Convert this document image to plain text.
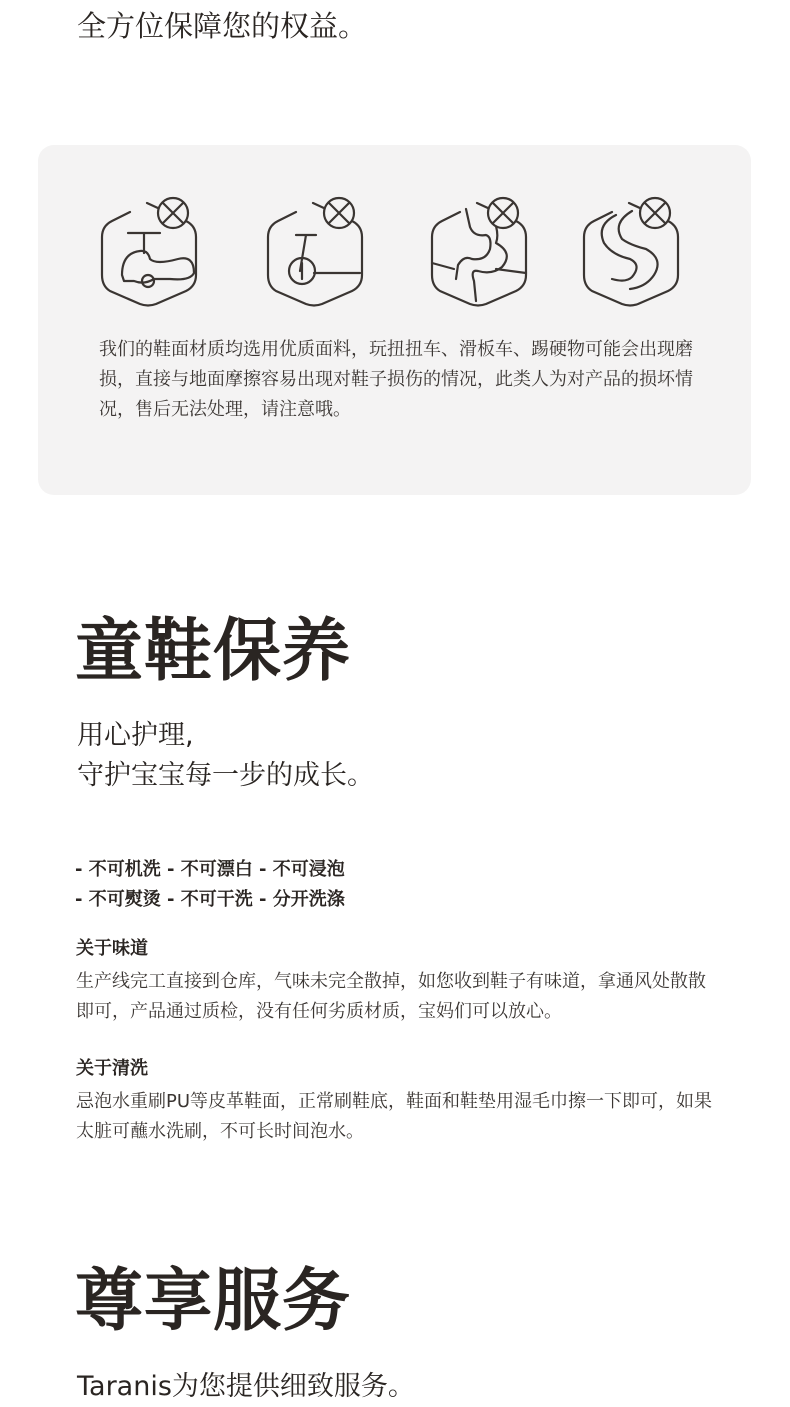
全方位保障您的权益。
我们的鞋面材质均选用优质面料，玩扭扭车、滑板车、踢硬物可能会出现磨损，直接与地面摩擦容易出现对鞋子损伤的情况，此类人为对产品的损坏情况，售后无法处理，请注意哦。
童鞋保养
用心护理,
守护宝宝每一步的成长。
- 不可机洗 - 不可漂白 - 不可浸泡
- 不可熨烫 - 不可干洗 - 分开洗涤
关于味道
生产线完工直接到仓库，气味未完全散掉，如您收到鞋子有味道，拿通风处散散即可，产品通过质检，没有任何劣质材质，宝妈们可以放心。
关于清洗
忌泡水重刷PU等皮革鞋面，正常刷鞋底，鞋面和鞋垫用湿毛巾擦一下即可，如果太脏可蘸水洗刷，不可长时间泡水。
尊享服务
Taranis为您提供细致服务。
